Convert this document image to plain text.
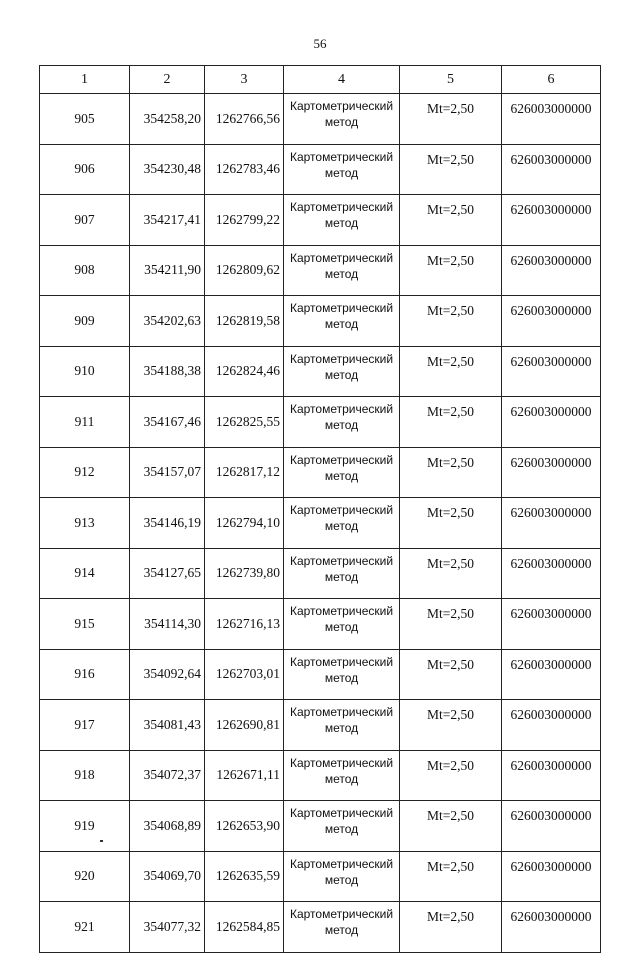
56
1	2	3	4	5	6
905	354258,20	1262766,56	Картометрический метод	Mt=2,50	626003000000
906	354230,48	1262783,46	Картометрический метод	Mt=2,50	626003000000
907	354217,41	1262799,22	Картометрический метод	Mt=2,50	626003000000
908	354211,90	1262809,62	Картометрический метод	Mt=2,50	626003000000
909	354202,63	1262819,58	Картометрический метод	Mt=2,50	626003000000
910	354188,38	1262824,46	Картометрический метод	Mt=2,50	626003000000
911	354167,46	1262825,55	Картометрический метод	Mt=2,50	626003000000
912	354157,07	1262817,12	Картометрический метод	Mt=2,50	626003000000
913	354146,19	1262794,10	Картометрический метод	Mt=2,50	626003000000
914	354127,65	1262739,80	Картометрический метод	Mt=2,50	626003000000
915	354114,30	1262716,13	Картометрический метод	Mt=2,50	626003000000
916	354092,64	1262703,01	Картометрический метод	Mt=2,50	626003000000
917	354081,43	1262690,81	Картометрический метод	Mt=2,50	626003000000
918	354072,37	1262671,11	Картометрический метод	Mt=2,50	626003000000
919	354068,89	1262653,90	Картометрический метод	Mt=2,50	626003000000
920	354069,70	1262635,59	Картометрический метод	Mt=2,50	626003000000
921	354077,32	1262584,85	Картометрический метод	Mt=2,50	626003000000
